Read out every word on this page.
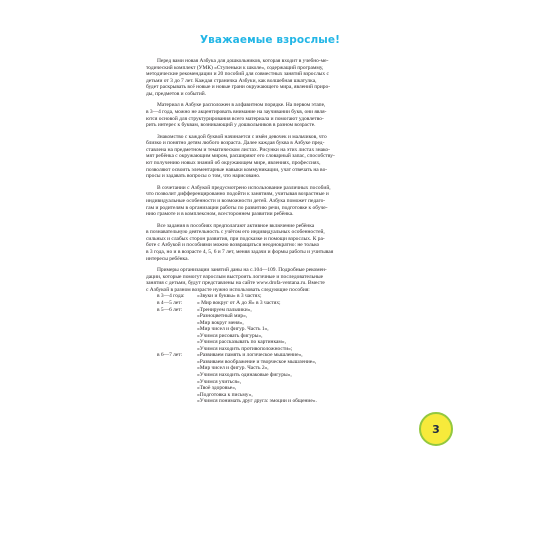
Уважаемые взрослые!
Перед вами новая Азбука для дошкольников, которая входит в учебно-ме-
тодический комплект (УМК) «Ступеньки к школе», содержащий программу,
методические рекомендации и 20 пособий для совместных занятий взрослых с
детьми от 3 до 7 лет. Каждая страничка Азбуки, как волшебная шкатулка,
будет раскрывать всё новые и новые грани окружающего мира, явлений приро-
ды, предметов и событий.
Материал в Азбуке расположен в алфавитном порядке. На первом этапе,
в 3—4 года, можно не акцентировать внимание на заучивании букв, они явля-
ются основой для структурирования всего материала и помогают удовлетво-
рить интерес к буквам, возникающий у дошкольников в разном возрасте.
Знакомство с каждой буквой начинается с имён девочек и мальчиков, что
близко и понятно детям любого возраста. Далее каждая буква в Азбуке пред-
ставлена на предметном и тематическом листах. Рисунки на этих листах знако-
мят ребёнка с окружающим миром, расширяют его словарный запас, способству-
ют получению новых знаний об окружающем мире, явлениях, профессиях,
позволяют освоить элементарные навыки коммуникации, учат отвечать на во-
просы и задавать вопросы о том, что нарисовано.
В сочетании с Азбукой предусмотрено использование различных пособий,
что позволит дифференцированно подойти к занятиям, учитывая возрастные и
индивидуальные особенности и возможности детей. Азбука поможет педаго-
гам и родителям в организации работы по развитию речи, подготовке к обуче-
нию грамоте и в комплексном, всестороннем развитии ребёнка.
Все задания в пособиях предполагают активное включение ребёнка
в познавательную деятельность с учётом его индивидуальных особенностей,
сильных и слабых сторон развития, при подсказке и помощи взрослых. К ра-
боте с Азбукой и пособиями можно возвращаться неоднократно: не только
в 3 года, но и в возрасте 4, 5, 6 и 7 лет, меняя задачи и формы работы и учитывая
интересы ребёнка.
Примеры организации занятий даны на с.104—109. Подробные рекомен-
дации, которые помогут взрослым выстроить логичные и последовательные
занятия с детьми, будут представлены на сайте www.drofa-ventana.ru. Вместе
с Азбукой в разном возрасте нужно использовать следующие пособия:
в 3—4 года:	«Звуки и буквы» в 3 частях;
в 4—5 лет:	« Мир вокруг от А до Я» в 3 частях;
в 5—6 лет:	«Тренируем пальчики»,
«Разноцветный мир»,
«Мир вокруг меня»,
«Мир чисел и фигур. Часть 1»,
«Учимся рисовать фигуры»,
«Учимся рассказывать по картинкам»,
«Учимся находить противоположности»;
в 6—7 лет:	«Развиваем память и логическое мышление»,
«Развиваем воображение и творческое мышление»,
«Мир чисел и фигур. Часть 2»,
«Учимся находить одинаковые фигуры»,
«Учимся учиться»,
«Твоё здоровье»,
«Подготовка к письму»,
«Учимся понимать друг друга: эмоции и общение».
3
